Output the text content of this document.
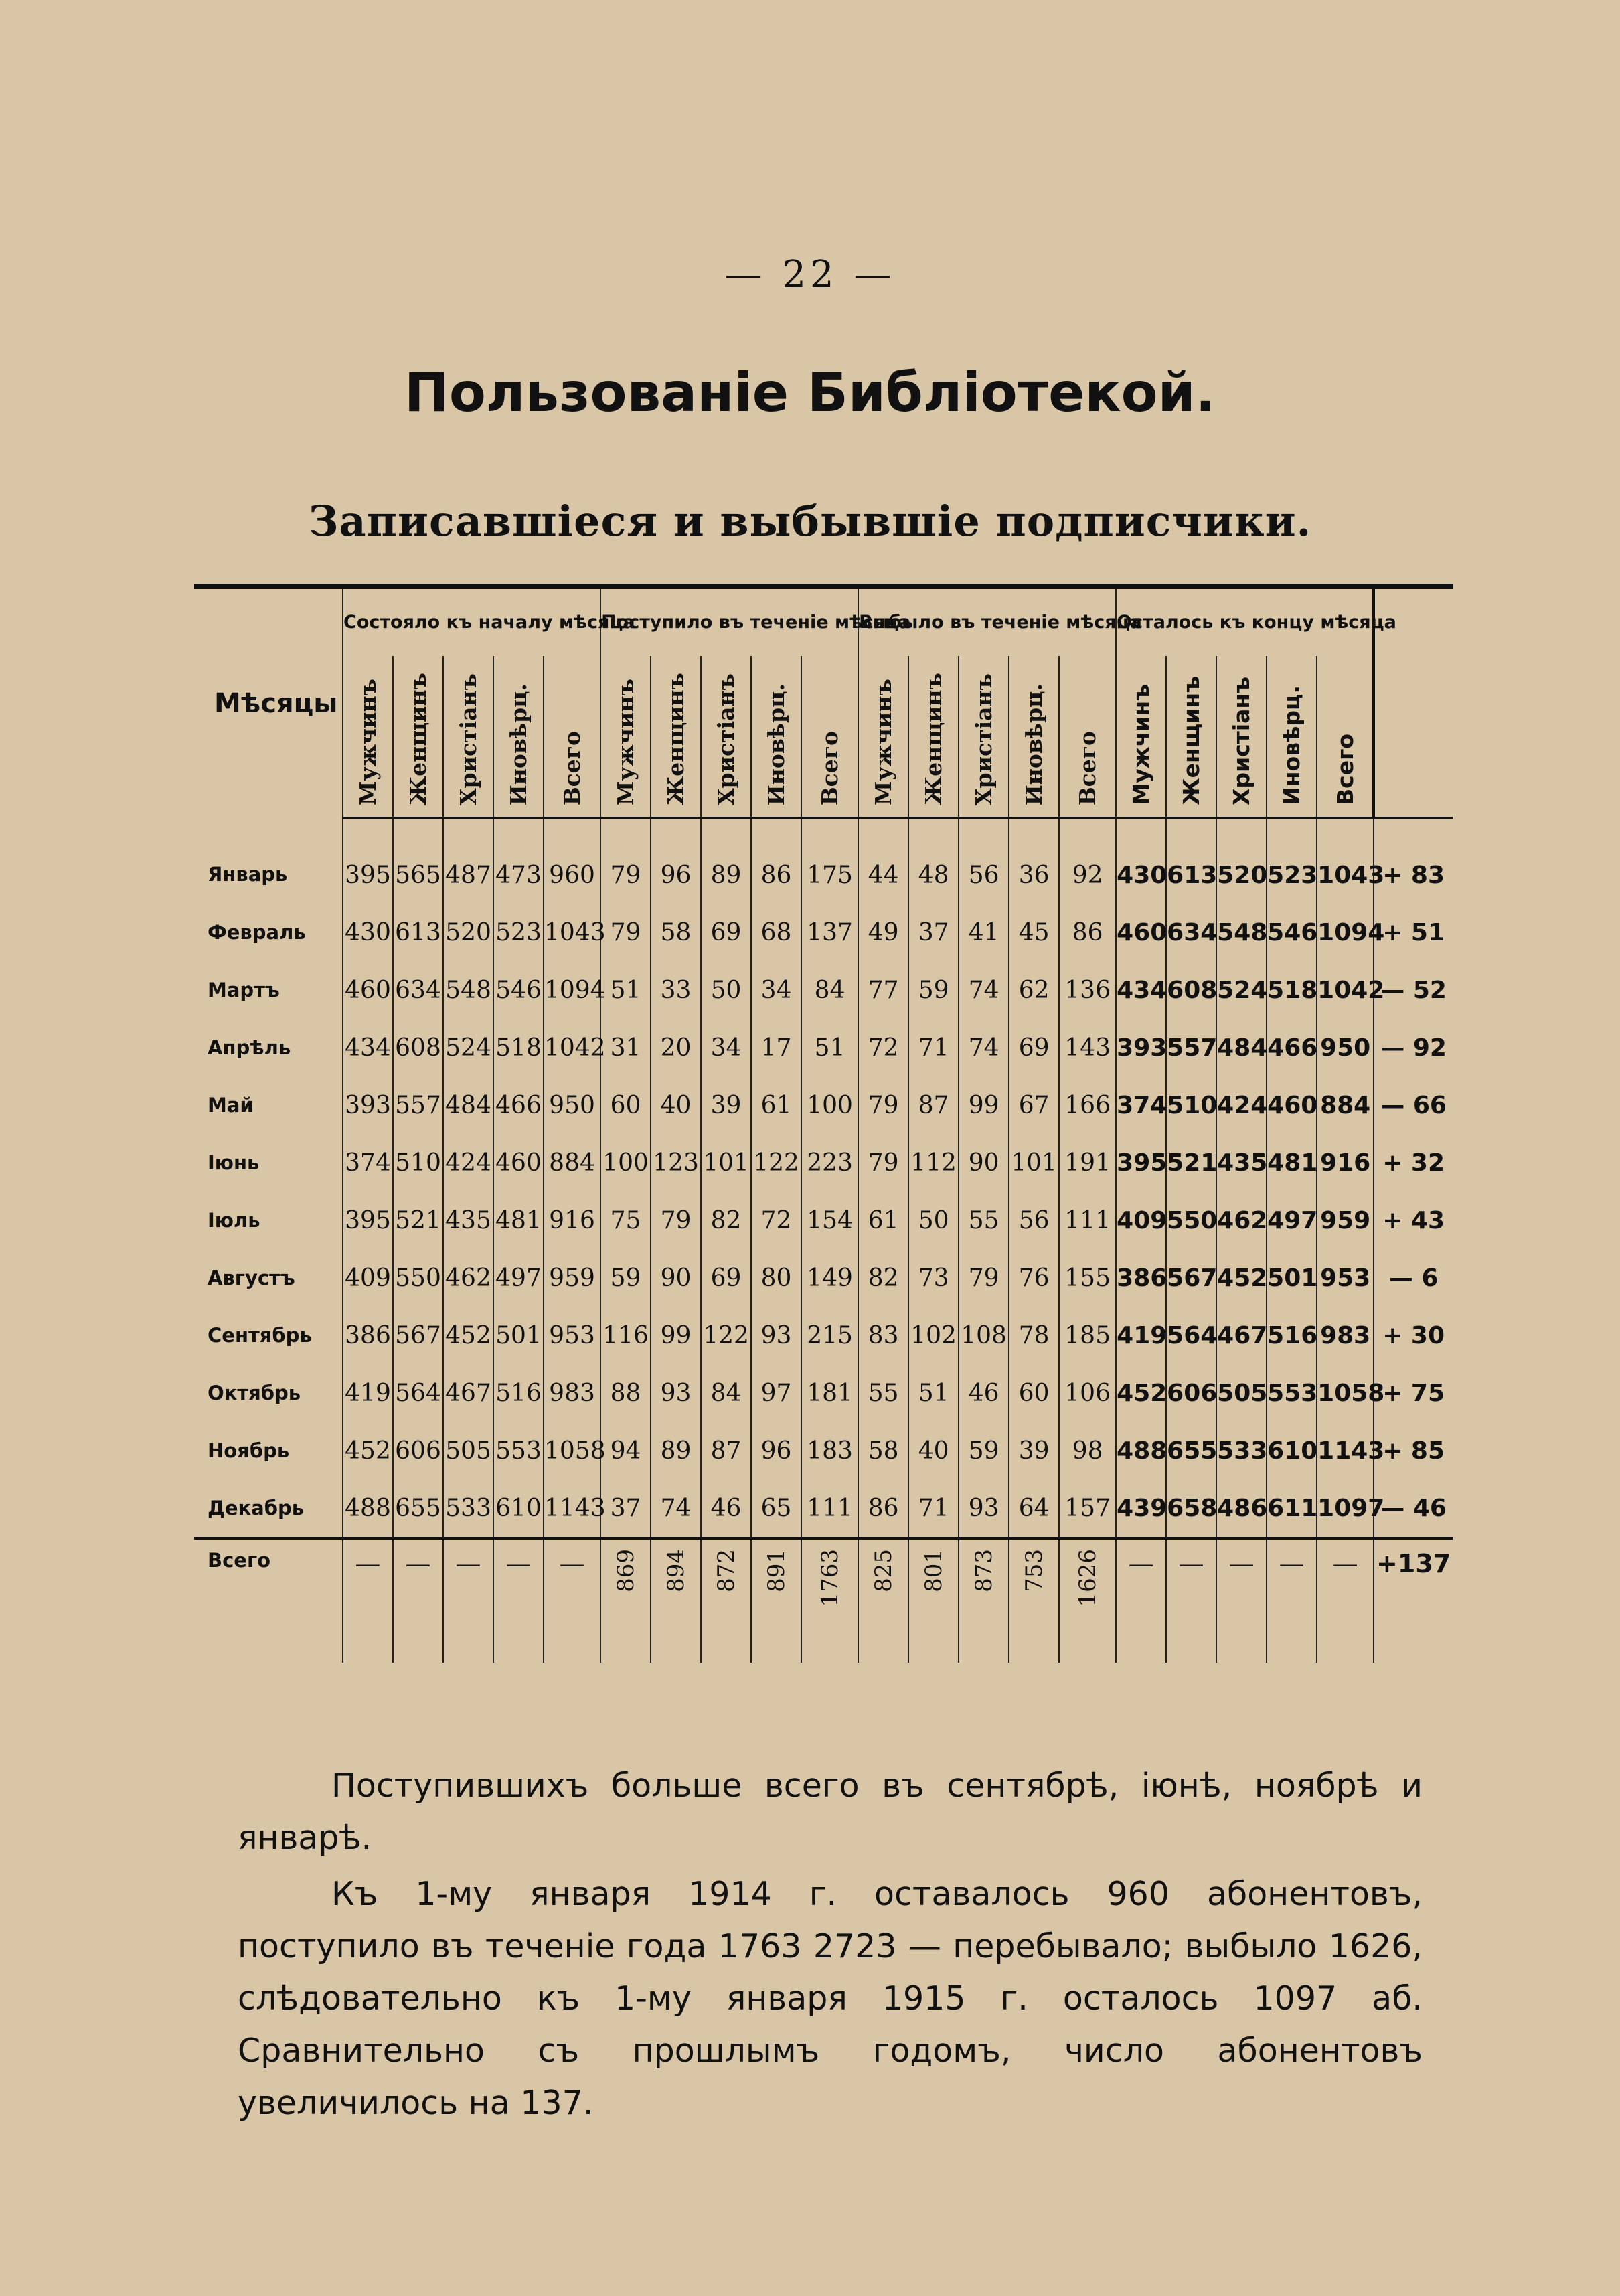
— 22 —
Пользованіе Библіотекой.
Записавшіеся и выбывшіе подписчики.
Мѣсяцы	Состояло къ началу мѣсяца					Поступило въ теченіе мѣсяца					Выбыло въ теченіе мѣсяца					Осталось къ концу мѣсяца					
	Мужчинъ	Женщинъ	Христіанъ	Иновѣрц.	Всего	Мужчинъ	Женщинъ	Христіанъ	Иновѣрц.	Всего	Мужчинъ	Женщинъ	Христіанъ	Иновѣрц.	Всего	Мужчинъ	Женщинъ	Христіанъ	Иновѣрц.	Всего	
Январь	395	565	487	473	960	79	96	89	86	175	44	48	56	36	92	430	613	520	523	1043	+ 83
Февраль	430	613	520	523	1043	79	58	69	68	137	49	37	41	45	86	460	634	548	546	1094	+ 51
Мартъ	460	634	548	546	1094	51	33	50	34	84	77	59	74	62	136	434	608	524	518	1042	— 52
Апрѣль	434	608	524	518	1042	31	20	34	17	51	72	71	74	69	143	393	557	484	466	950	— 92
Май	393	557	484	466	950	60	40	39	61	100	79	87	99	67	166	374	510	424	460	884	— 66
Іюнь	374	510	424	460	884	100	123	101	122	223	79	112	90	101	191	395	521	435	481	916	+ 32
Іюль	395	521	435	481	916	75	79	82	72	154	61	50	55	56	111	409	550	462	497	959	+ 43
Августъ	409	550	462	497	959	59	90	69	80	149	82	73	79	76	155	386	567	452	501	953	— 6
Сентябрь	386	567	452	501	953	116	99	122	93	215	83	102	108	78	185	419	564	467	516	983	+ 30
Октябрь	419	564	467	516	983	88	93	84	97	181	55	51	46	60	106	452	606	505	553	1058	+ 75
Ноябрь	452	606	505	553	1058	94	89	87	96	183	58	40	59	39	98	488	655	533	610	1143	+ 85
Декабрь	488	655	533	610	1143	37	74	46	65	111	86	71	93	64	157	439	658	486	611	1097	— 46
Всего	—	—	—	—	—	869	894	872	891	1763	825	801	873	753	1626	—	—	—	—	—	+137

Поступившихъ больше всего въ сентябрѣ, іюнѣ, ноябрѣ и январѣ.

Къ 1-му января 1914 г. оставалось 960 абонентовъ, поступило въ теченіе года 1763 2723 — перебывало; выбыло 1626, слѣдовательно къ 1-му января 1915 г. осталось 1097 аб. Сравнительно съ прошлымъ годомъ, число абонентовъ увеличилось на 137.
